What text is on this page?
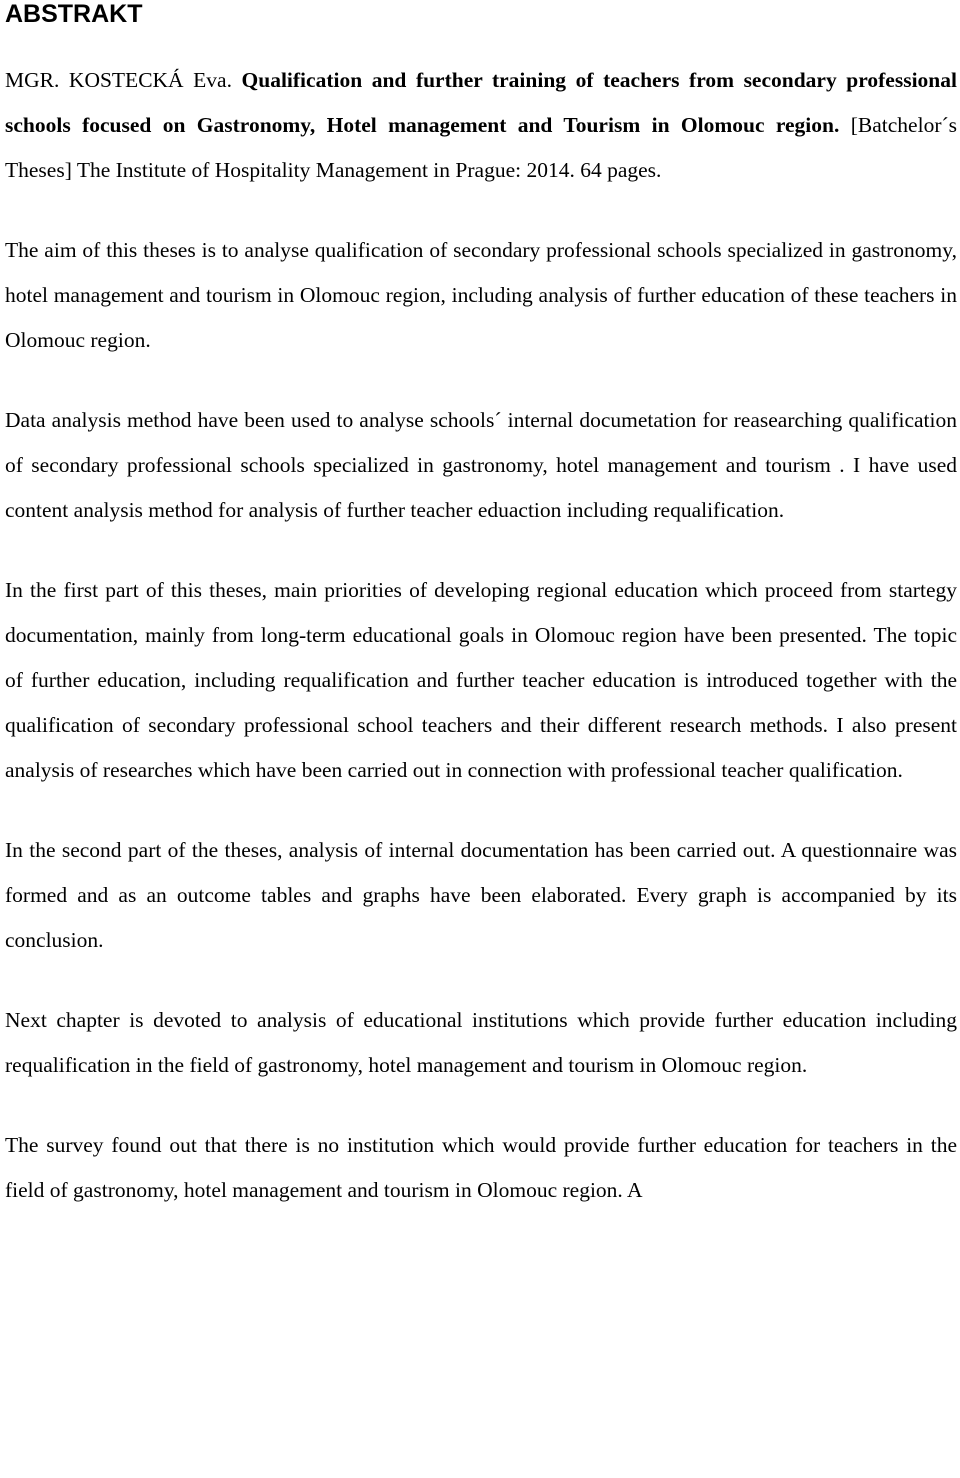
ABSTRAKT

MGR. KOSTECKÁ Eva. Qualification and further training of teachers from secondary professional schools focused on Gastronomy, Hotel management and Tourism in Olomouc region. [Batchelor´s Theses] The Institute of Hospitality Management in Prague: 2014. 64 pages.

The aim of this theses is to analyse qualification of secondary professional schools specialized in gastronomy, hotel management and tourism in Olomouc region, including analysis of further education of these teachers in Olomouc region.

Data analysis method have been used to analyse schools´ internal documetation for reasearching qualification of secondary professional schools specialized in gastronomy, hotel management and tourism . I have used content analysis method for analysis of further teacher eduaction including requalification.

In the first part of this theses, main priorities of developing regional education which proceed from startegy documentation, mainly from long-term educational goals in Olomouc region have been presented. The topic of further education, including requalification and further teacher education is introduced together with the qualification of secondary professional school teachers and their different research methods. I also present analysis of researches which have been carried out in connection with professional teacher qualification.

In the second part of the theses, analysis of internal documentation has been carried out. A questionnaire was formed and as an outcome tables and graphs have been elaborated. Every graph is accompanied by its conclusion.

Next chapter is devoted to analysis of educational institutions which provide further education including requalification in the field of gastronomy, hotel management and tourism in Olomouc region.

The survey found out that there is no institution which would provide further education for teachers in the field of gastronomy, hotel management and tourism in Olomouc region. A
